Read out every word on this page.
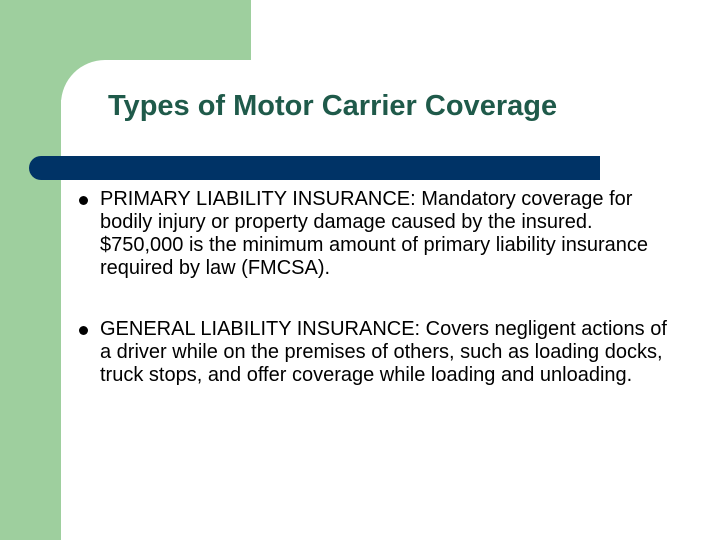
Types of Motor Carrier Coverage
PRIMARY LIABILITY INSURANCE: Mandatory coverage for bodily injury or property damage caused by the insured. $750,000 is the minimum amount of primary liability insurance required by law (FMCSA).
GENERAL LIABILITY INSURANCE: Covers negligent actions of a driver while on the premises of others, such as loading docks, truck stops, and offer coverage while loading and unloading.
